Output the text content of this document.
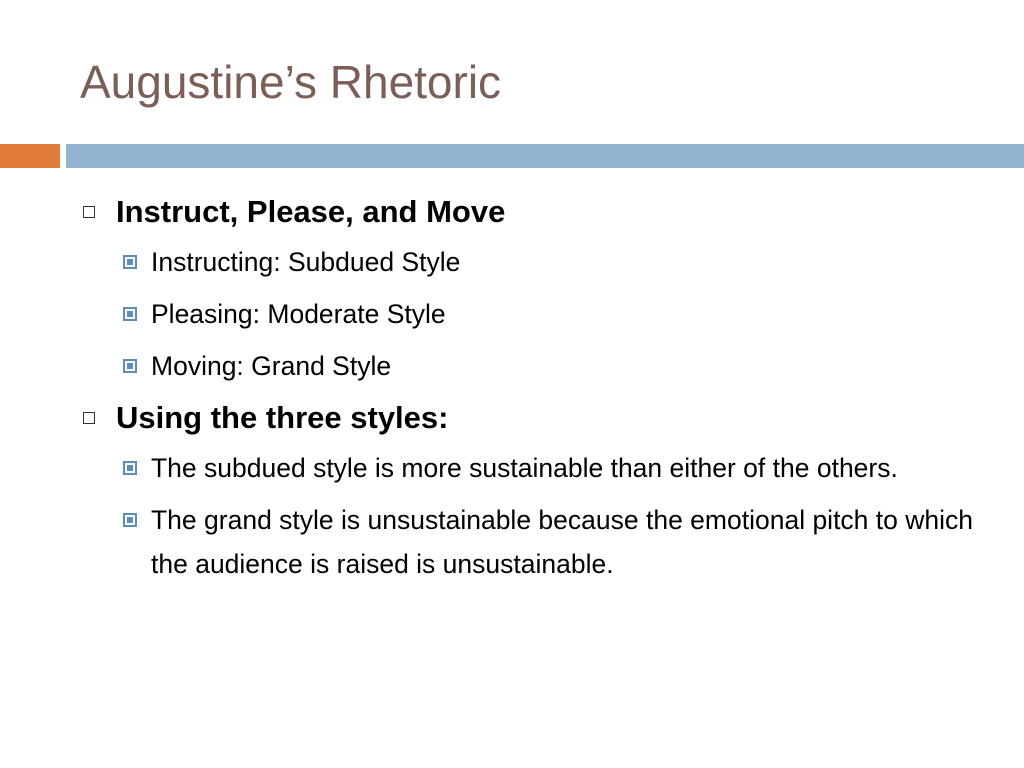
Augustine’s Rhetoric
Instruct, Please, and Move
Instructing: Subdued Style
Pleasing: Moderate Style
Moving: Grand Style
Using the three styles:
The subdued style is more sustainable than either of the others.
The grand style is unsustainable because the emotional pitch to which the audience is raised is unsustainable.
